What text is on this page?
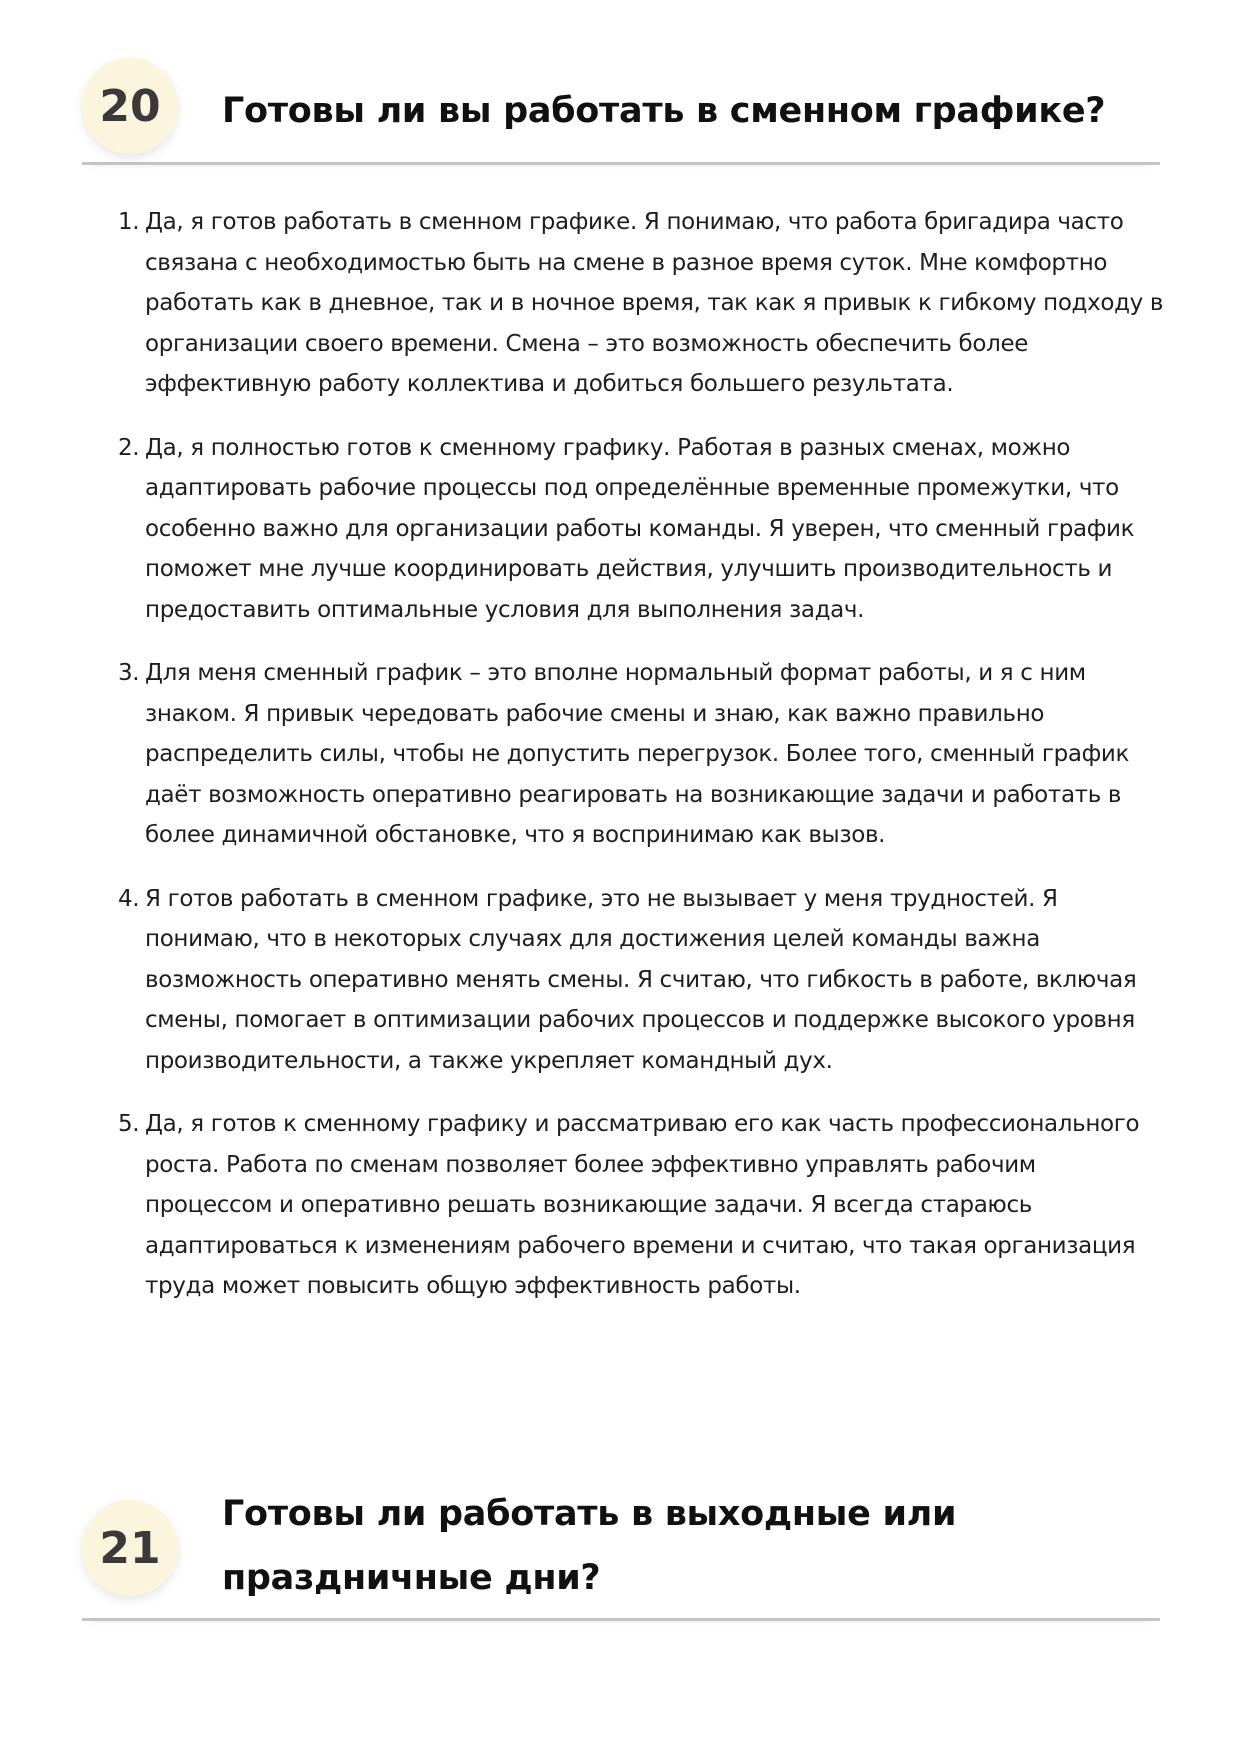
20	Готовы ли вы работать в сменном графике?
1. Да, я готов работать в сменном графике. Я понимаю, что работа бригадира часто связана с необходимостью быть на смене в разное время суток. Мне комфортно работать как в дневное, так и в ночное время, так как я привык к гибкому подходу в организации своего времени. Смена – это возможность обеспечить более эффективную работу коллектива и добиться большего результата.
2. Да, я полностью готов к сменному графику. Работая в разных сменах, можно адаптировать рабочие процессы под определённые временные промежутки, что особенно важно для организации работы команды. Я уверен, что сменный график поможет мне лучше координировать действия, улучшить производительность и предоставить оптимальные условия для выполнения задач.
3. Для меня сменный график – это вполне нормальный формат работы, и я с ним знаком. Я привык чередовать рабочие смены и знаю, как важно правильно распределить силы, чтобы не допустить перегрузок. Более того, сменный график даёт возможность оперативно реагировать на возникающие задачи и работать в более динамичной обстановке, что я воспринимаю как вызов.
4. Я готов работать в сменном графике, это не вызывает у меня трудностей. Я понимаю, что в некоторых случаях для достижения целей команды важна возможность оперативно менять смены. Я считаю, что гибкость в работе, включая смены, помогает в оптимизации рабочих процессов и поддержке высокого уровня производительности, а также укрепляет командный дух.
5. Да, я готов к сменному графику и рассматриваю его как часть профессионального роста. Работа по сменам позволяет более эффективно управлять рабочим процессом и оперативно решать возникающие задачи. Я всегда стараюсь адаптироваться к изменениям рабочего времени и считаю, что такая организация труда может повысить общую эффективность работы.
21
Готовы ли работать в выходные или праздничные дни?
